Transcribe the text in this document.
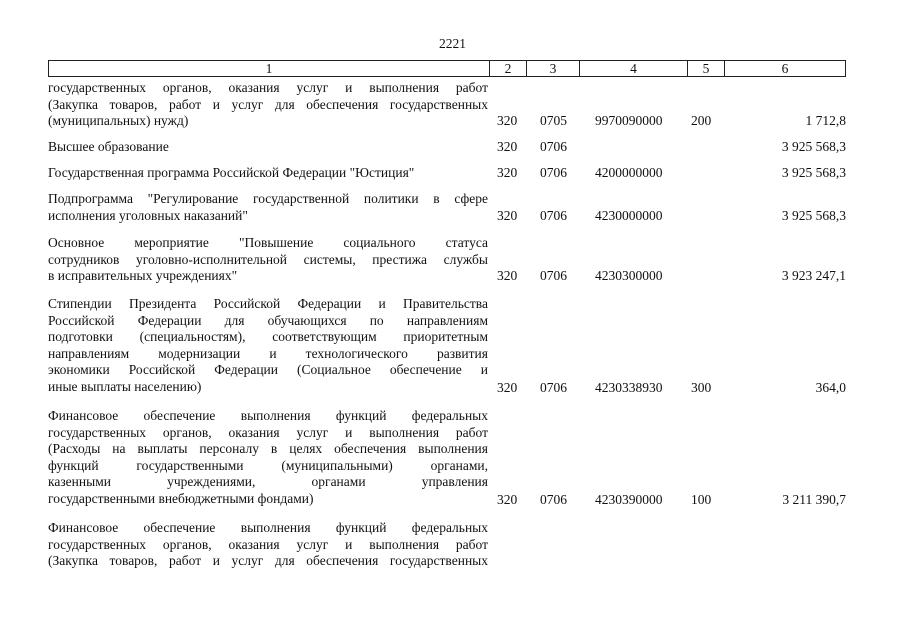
2221
1	2	3	4	5	6
государственных органов, оказания услуг и выполнения работ
(Закупка товаров, работ и услуг для обеспечения государственных
(муниципальных) нужд)	320 0705 9970090000 200	1 712,8
Высшее образование	320 0706	3 925 568,3
Государственная программа Российской Федерации "Юстиция"	320 0706 4200000000	3 925 568,3
Подпрограмма "Регулирование государственной политики в сфере
исполнения уголовных наказаний"	320 0706 4230000000	3 925 568,3
Основное мероприятие "Повышение социального статуса
сотрудников уголовно-исполнительной системы, престижа службы
в исправительных учреждениях"	320 0706 4230300000	3 923 247,1
Стипендии Президента Российской Федерации и Правительства
Российской Федерации для обучающихся по направлениям
подготовки (специальностям), соответствующим приоритетным
направлениям модернизации и технологического развития
экономики Российской Федерации (Социальное обеспечение и
иные выплаты населению)	320 0706 4230338930 300	364,0
Финансовое обеспечение выполнения функций федеральных
государственных органов, оказания услуг и выполнения работ
(Расходы на выплаты персоналу в целях обеспечения выполнения
функций государственными (муниципальными) органами,
казенными учреждениями, органами управления
государственными внебюджетными фондами)	320 0706 4230390000 100	3 211 390,7
Финансовое обеспечение выполнения функций федеральных
государственных органов, оказания услуг и выполнения работ
(Закупка товаров, работ и услуг для обеспечения государственных
